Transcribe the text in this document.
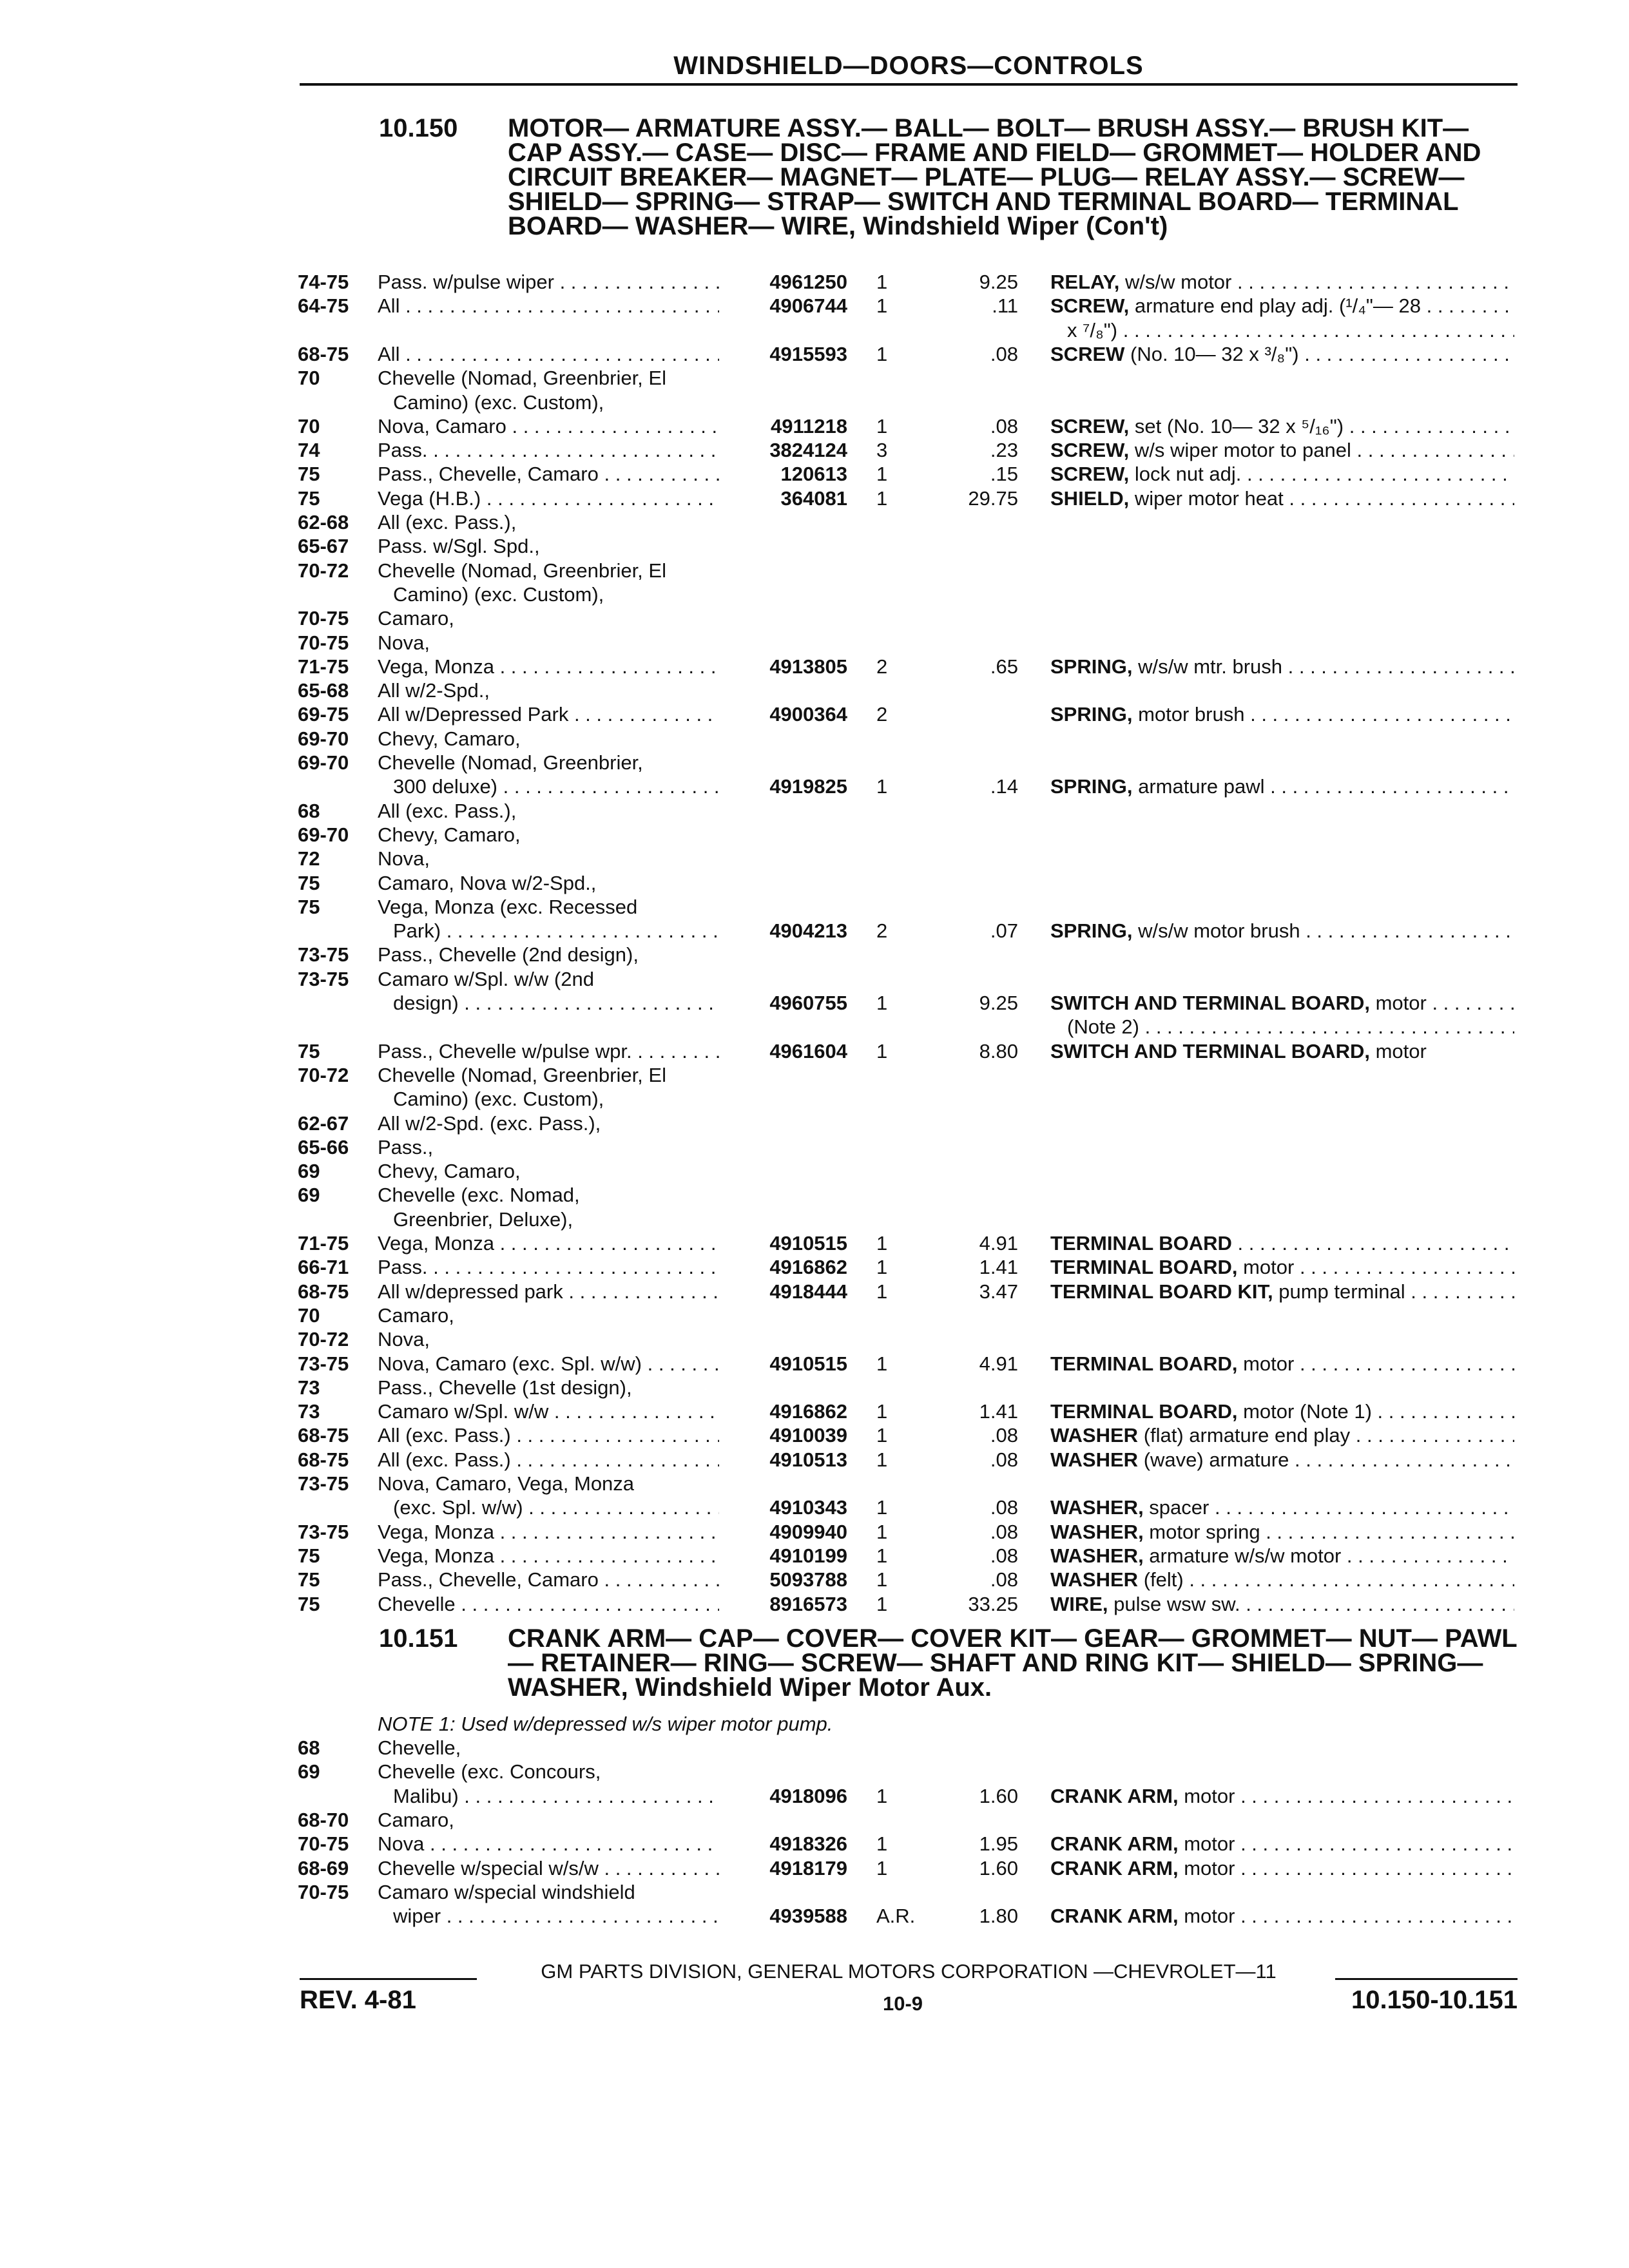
WINDSHIELD—DOORS—CONTROLS
10.150 MOTOR— ARMATURE ASSY.— BALL— BOLT— BRUSH ASSY.— BRUSH KIT— CAP ASSY.— CASE— DISC— FRAME AND FIELD— GROMMET— HOLDER AND CIRCUIT BREAKER— MAGNET— PLATE— PLUG— RELAY ASSY.— SCREW— SHIELD— SPRING— STRAP— SWITCH AND TERMINAL BOARD— TERMINAL BOARD— WASHER— WIRE, Windshield Wiper (Con't)
74-75 Pass. w/pulse wiper . . .	4961250 1	9.25 RELAY, w/s/w motor . . .
64-75 All . . .	4906744 1	.11 SCREW, armature end play adj. (¹/₄"— 28 . . .
x ⁷/₈") . . .
68-75 All . . .	4915593 1	.08 SCREW (No. 10— 32 x ³/₈") . . .
70	Chevelle (Nomad, Greenbrier, El
Camino) (exc. Custom),
70	Nova, Camaro . . .	4911218 1	.08 SCREW, set (No. 10— 32 x ⁵/₁₆") . . .
74	Pass. . . .	3824124 3	.23 SCREW, w/s wiper motor to panel . . .
75	Pass., Chevelle, Camaro . . .	120613 1	.15 SCREW, lock nut adj. . . .
75	Vega (H.B.) . . .	364081 1	29.75 SHIELD, wiper motor heat . . .
62-68 All (exc. Pass.),
65-67 Pass. w/Sgl. Spd.,
70-72 Chevelle (Nomad, Greenbrier, El
Camino) (exc. Custom),
70-75 Camaro,
70-75 Nova,
71-75 Vega, Monza . . .	4913805 2	.65 SPRING, w/s/w mtr. brush . . .
65-68 All w/2-Spd.,
69-75 All w/Depressed Park . . .	4900364 2	SPRING, motor brush . . .
69-70 Chevy, Camaro,
69-70 Chevelle (Nomad, Greenbrier,
300 deluxe) . . .	4919825 1	.14 SPRING, armature pawl . . .
68	All (exc. Pass.),
69-70 Chevy, Camaro,
72	Nova,
75	Camaro, Nova w/2-Spd.,
75	Vega, Monza (exc. Recessed
Park) . . .	4904213 2	.07 SPRING, w/s/w motor brush . . .
73-75 Pass., Chevelle (2nd design),
73-75 Camaro w/Spl. w/w (2nd
design) . . .	4960755 1	9.25 SWITCH AND TERMINAL BOARD, motor . . .
(Note 2) . . .
75	Pass., Chevelle w/pulse wpr. . . .	4961604 1	8.80 SWITCH AND TERMINAL BOARD, motor
70-72 Chevelle (Nomad, Greenbrier, El
Camino) (exc. Custom),
62-67 All w/2-Spd. (exc. Pass.),
65-66 Pass.,
69	Chevy, Camaro,
69	Chevelle (exc. Nomad,
Greenbrier, Deluxe),
71-75 Vega, Monza . . .	4910515 1	4.91 TERMINAL BOARD . . .
66-71 Pass. . . .	4916862 1	1.41 TERMINAL BOARD, motor . . .
68-75 All w/depressed park . . .	4918444 1	3.47 TERMINAL BOARD KIT, pump terminal . . .
70	Camaro,
70-72 Nova,
73-75 Nova, Camaro (exc. Spl. w/w) . . .	4910515 1	4.91 TERMINAL BOARD, motor . . .
73	Pass., Chevelle (1st design),
73	Camaro w/Spl. w/w . . .	4916862 1	1.41 TERMINAL BOARD, motor (Note 1) . . .
68-75 All (exc. Pass.) . . .	4910039 1	.08 WASHER (flat) armature end play . . .
68-75 All (exc. Pass.) . . .	4910513 1	.08 WASHER (wave) armature . . .
73-75 Nova, Camaro, Vega, Monza
(exc. Spl. w/w) . . .	4910343 1	.08 WASHER, spacer . . .
73-75 Vega, Monza . . .	4909940 1	.08 WASHER, motor spring . . .
75	Vega, Monza . . .	4910199 1	.08 WASHER, armature w/s/w motor . . .
75	Pass., Chevelle, Camaro . . .	5093788 1	.08 WASHER (felt) . . .
75	Chevelle . . .	8916573 1	33.25 WIRE, pulse wsw sw. . . .
10.151 CRANK ARM— CAP— COVER— COVER KIT— GEAR— GROMMET— NUT— PAWL— RETAINER— RING— SCREW— SHAFT AND RING KIT— SHIELD— SPRING— WASHER, Windshield Wiper Motor Aux.
NOTE 1: Used w/depressed w/s wiper motor pump.
68	Chevelle,
69	Chevelle (exc. Concours,
Malibu) . . .	4918096 1	1.60 CRANK ARM, motor . . .
68-70 Camaro,
70-75 Nova . . .	4918326 1	1.95 CRANK ARM, motor . . .
68-69 Chevelle w/special w/s/w . . .	4918179 1	1.60 CRANK ARM, motor . . .
70-75 Camaro w/special windshield
wiper . . .	4939588 A.R.	1.80 CRANK ARM, motor . . .
GM PARTS DIVISION, GENERAL MOTORS CORPORATION —CHEVROLET—11
REV. 4-81	10-9	10.150-10.151
